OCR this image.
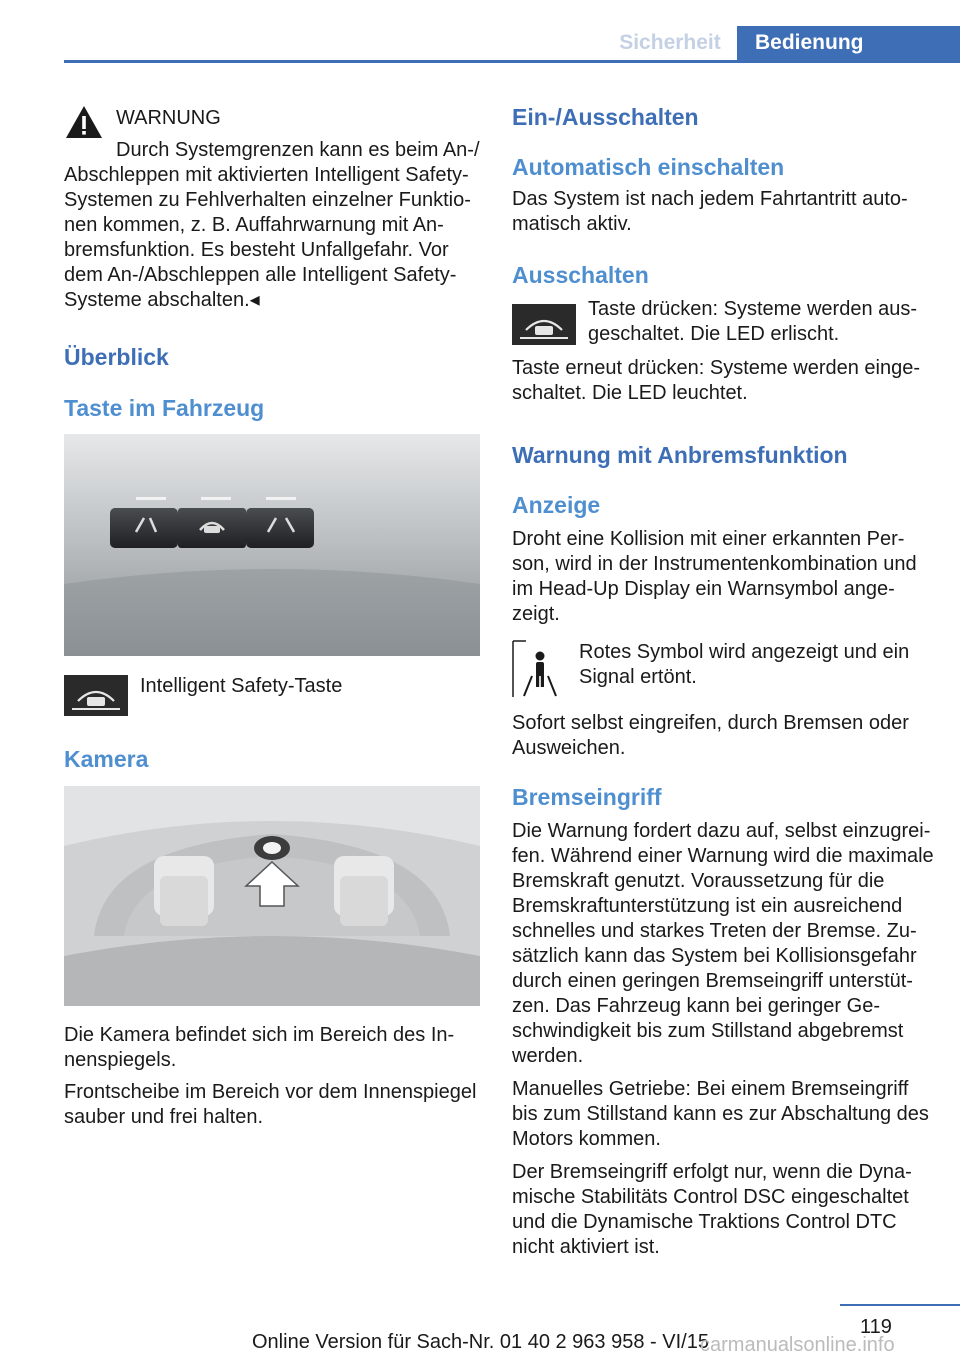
Sicherheit	Bedienung
WARNUNG
Durch Systemgrenzen kann es beim An-/
Abschleppen mit aktivierten Intelligent Safety-
Systemen zu Fehlverhalten einzelner Funktio-
nen kommen, z. B. Auffahrwarnung mit An-
bremsfunktion. Es besteht Unfallgefahr. Vor
dem An-/Abschleppen alle Intelligent Safety-
Systeme abschalten.◂
Überblick
Taste im Fahrzeug
Intelligent Safety-Taste
Kamera
Die Kamera befindet sich im Bereich des In-
nenspiegels.
Frontscheibe im Bereich vor dem Innenspiegel
sauber und frei halten.
Ein-/Ausschalten
Automatisch einschalten
Das System ist nach jedem Fahrtantritt auto-
matisch aktiv.
Ausschalten
Taste drücken: Systeme werden aus-
geschaltet. Die LED erlischt.
Taste erneut drücken: Systeme werden einge-
schaltet. Die LED leuchtet.
Warnung mit Anbremsfunktion
Anzeige
Droht eine Kollision mit einer erkannten Per-
son, wird in der Instrumentenkombination und
im Head-Up Display ein Warnsymbol ange-
zeigt.
Rotes Symbol wird angezeigt und ein
Signal ertönt.
Sofort selbst eingreifen, durch Bremsen oder
Ausweichen.
Bremseingriff
Die Warnung fordert dazu auf, selbst einzugrei-
fen. Während einer Warnung wird die maximale
Bremskraft genutzt. Voraussetzung für die
Bremskraftunterstützung ist ein ausreichend
schnelles und starkes Treten der Bremse. Zu-
sätzlich kann das System bei Kollisionsgefahr
durch einen geringen Bremseingriff unterstüt-
zen. Das Fahrzeug kann bei geringer Ge-
schwindigkeit bis zum Stillstand abgebremst
werden.
Manuelles Getriebe: Bei einem Bremseingriff
bis zum Stillstand kann es zur Abschaltung des
Motors kommen.
Der Bremseingriff erfolgt nur, wenn die Dyna-
mische Stabilitäts Control DSC eingeschaltet
und die Dynamische Traktions Control DTC
nicht aktiviert ist.
119
Online Version für Sach-Nr. 01 40 2 963 958 - VI/15
carmanualsonline.info
